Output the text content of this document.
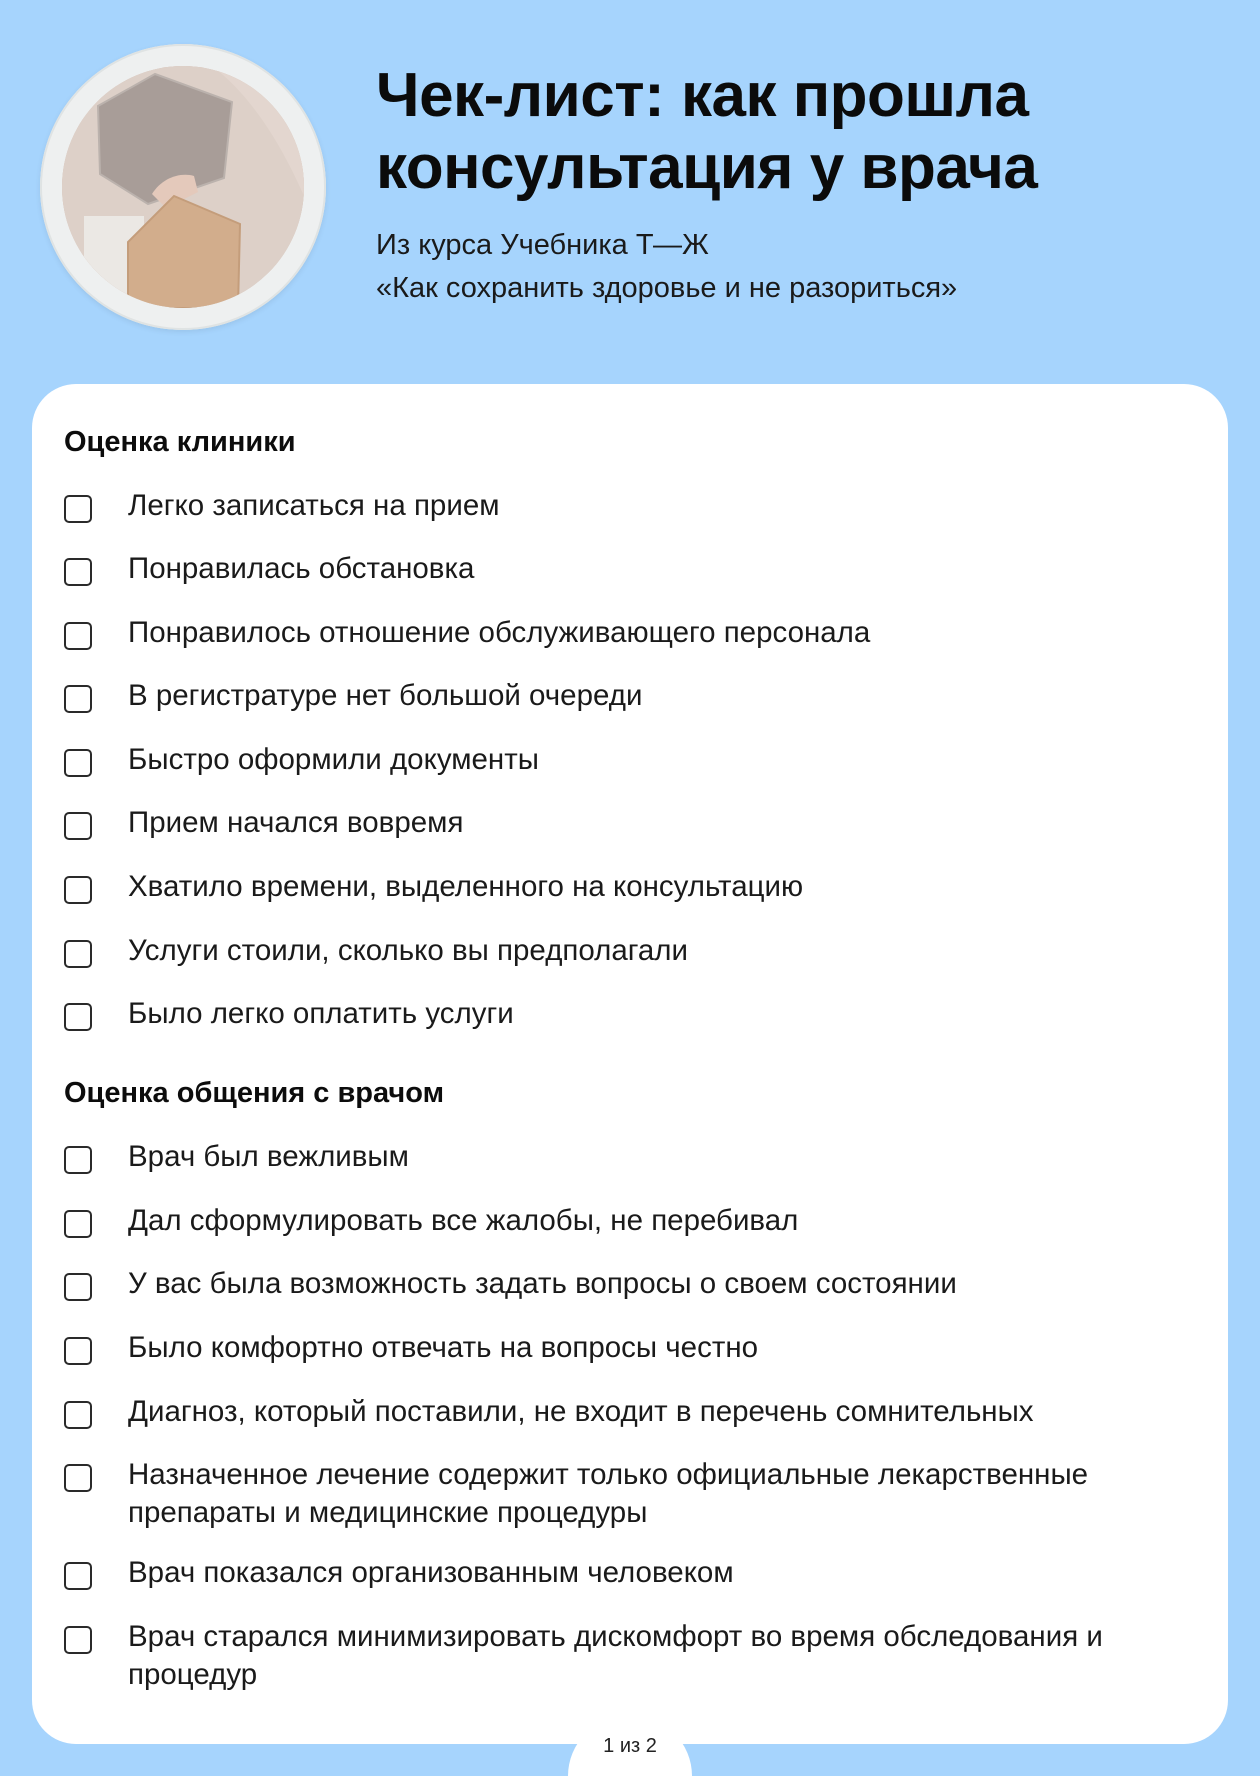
Чек-лист: как прошла
консультация у врача
Из курса Учебника Т—Ж
«Как сохранить здоровье и не разориться»
Оценка клиники
Легко записаться на прием
Понравилась обстановка
Понравилось отношение обслуживающего персонала
В регистратуре нет большой очереди
Быстро оформили документы
Прием начался вовремя
Хватило времени, выделенного на консультацию
Услуги стоили, сколько вы предполагали
Было легко оплатить услуги
Оценка общения с врачом
Врач был вежливым
Дал сформулировать все жалобы, не перебивал
У вас была возможность задать вопросы о своем состоянии
Было комфортно отвечать на вопросы честно
Диагноз, который поставили, не входит в перечень сомнительных
Назначенное лечение содержит только официальные лекарственные препараты и медицинские процедуры
Врач показался организованным человеком
Врач старался минимизировать дискомфорт во время обследования и процедур
1 из 2
